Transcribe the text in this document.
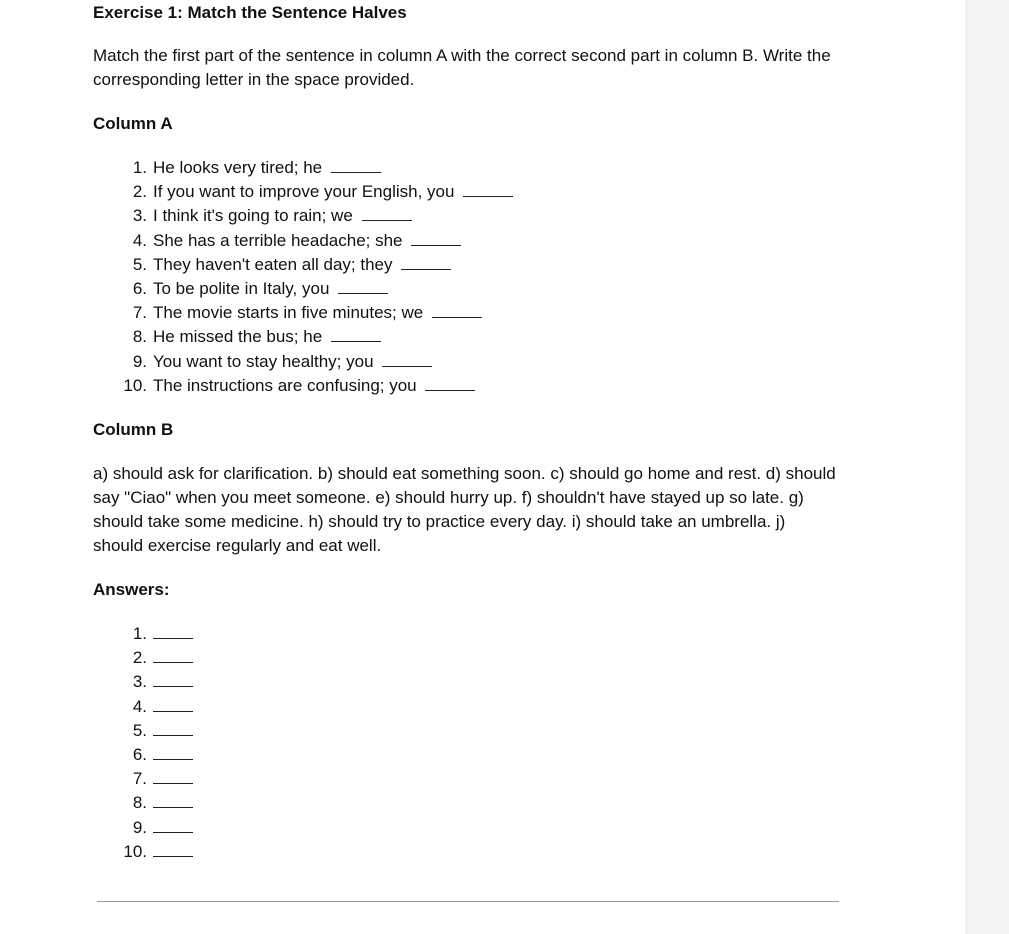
Exercise 1: Match the Sentence Halves

Match the first part of the sentence in column A with the correct second part in column B. Write the corresponding letter in the space provided.

Column A

1. He looks very tired; he
2. If you want to improve your English, you
3. I think it's going to rain; we
4. She has a terrible headache; she
5. They haven't eaten all day; they
6. To be polite in Italy, you
7. The movie starts in five minutes; we
8. He missed the bus; he
9. You want to stay healthy; you
10. The instructions are confusing; you

Column B

a) should ask for clarification. b) should eat something soon. c) should go home and rest. d) should say "Ciao" when you meet someone. e) should hurry up. f) shouldn't have stayed up so late. g) should take some medicine. h) should try to practice every day. i) should take an umbrella. j) should exercise regularly and eat well.

Answers:

1.
2.
3.
4.
5.
6.
7.
8.
9.
10.
